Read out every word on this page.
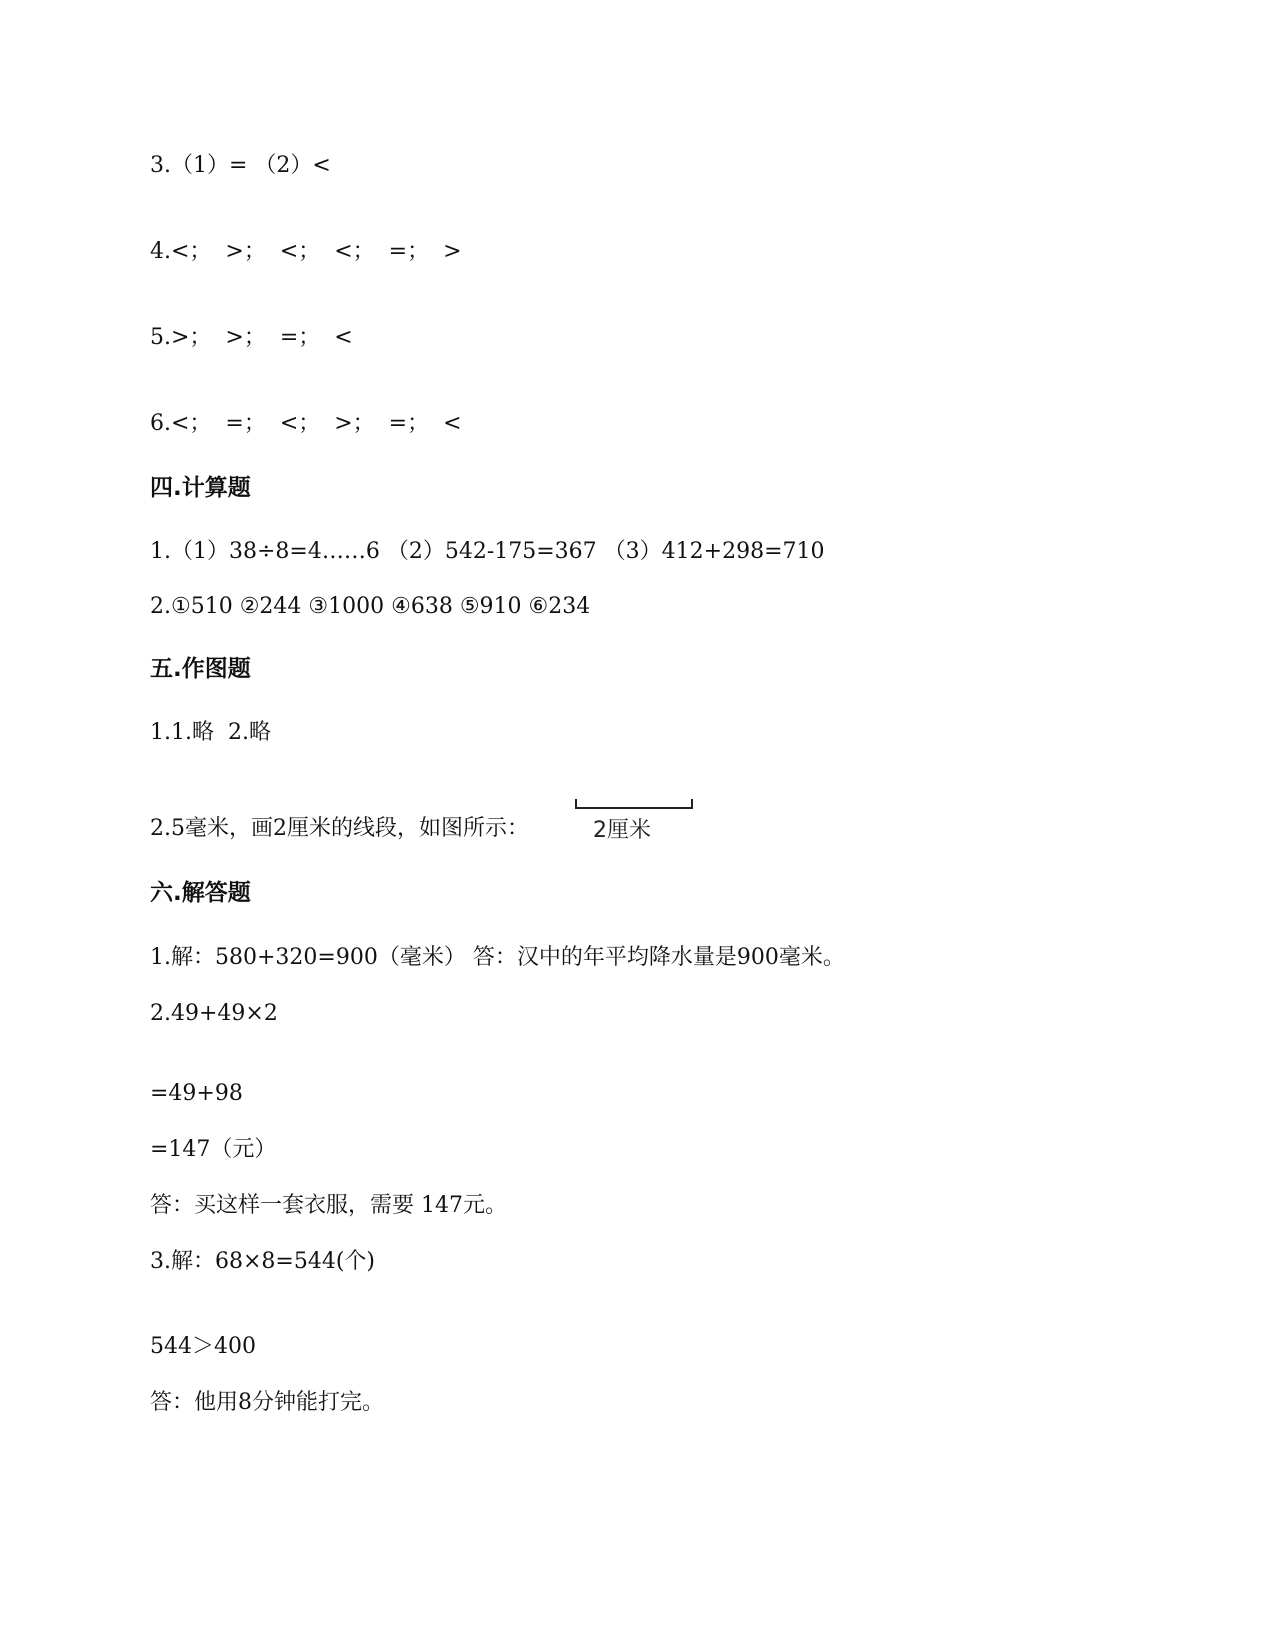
3.（1）= （2）<
4.<；  >；  <；  <；  =；  >
5.>；  >；  =；  <
6.<；  =；  <；  >；  =；  <
四.计算题
1.（1）38÷8=4……6 （2）542-175=367 （3）412+298=710
2.①510 ②244 ③1000 ④638 ⑤910 ⑥234
五.作图题
1.1.略  2.略
2.5毫米，画2厘米的线段，如图所示：	2厘米
六.解答题
1.解：580+320=900（毫米） 答：汉中的年平均降水量是900毫米。
2.49+49×2
=49+98
=147（元）
答：买这样一套衣服，需要 147元。
3.解：68×8=544(个)
544＞400
答：他用8分钟能打完。
